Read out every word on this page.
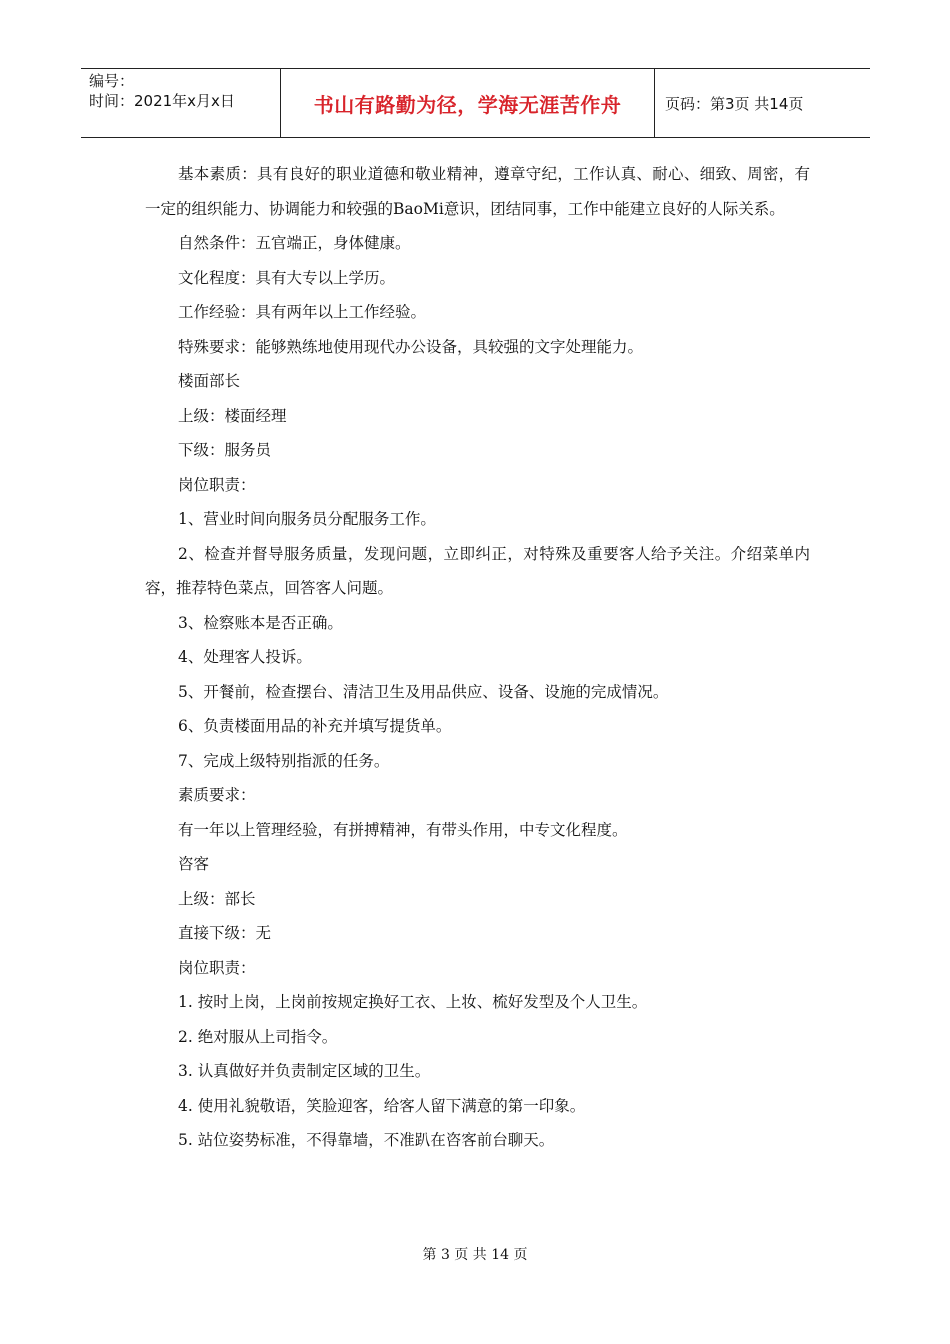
编号：
时间：2021年x月x日	书山有路勤为径，学海无涯苦作舟	页码：第3页 共14页

基本素质：具有良好的职业道德和敬业精神，遵章守纪，工作认真、耐心、细致、周密，有一定的组织能力、协调能力和较强的BaoMi意识，团结同事，工作中能建立良好的人际关系。

自然条件：五官端正，身体健康。

文化程度：具有大专以上学历。

工作经验：具有两年以上工作经验。

特殊要求：能够熟练地使用现代办公设备，具较强的文字处理能力。

楼面部长

上级：楼面经理

下级：服务员

岗位职责：

1、营业时间向服务员分配服务工作。

2、检查并督导服务质量，发现问题，立即纠正，对特殊及重要客人给予关注。介绍菜单内容，推荐特色菜点，回答客人问题。

3、检察账本是否正确。

4、处理客人投诉。

5、开餐前，检查摆台、清洁卫生及用品供应、设备、设施的完成情况。

6、负责楼面用品的补充并填写提货单。

7、完成上级特别指派的任务。

素质要求：

有一年以上管理经验，有拼搏精神，有带头作用，中专文化程度。

咨客

上级：部长

直接下级：无

岗位职责：

1. 按时上岗，上岗前按规定换好工衣、上妆、梳好发型及个人卫生。

2. 绝对服从上司指令。

3. 认真做好并负责制定区域的卫生。

4. 使用礼貌敬语，笑脸迎客，给客人留下满意的第一印象。

5. 站位姿势标准，不得靠墙，不准趴在咨客前台聊天。

第 3 页 共 14 页
